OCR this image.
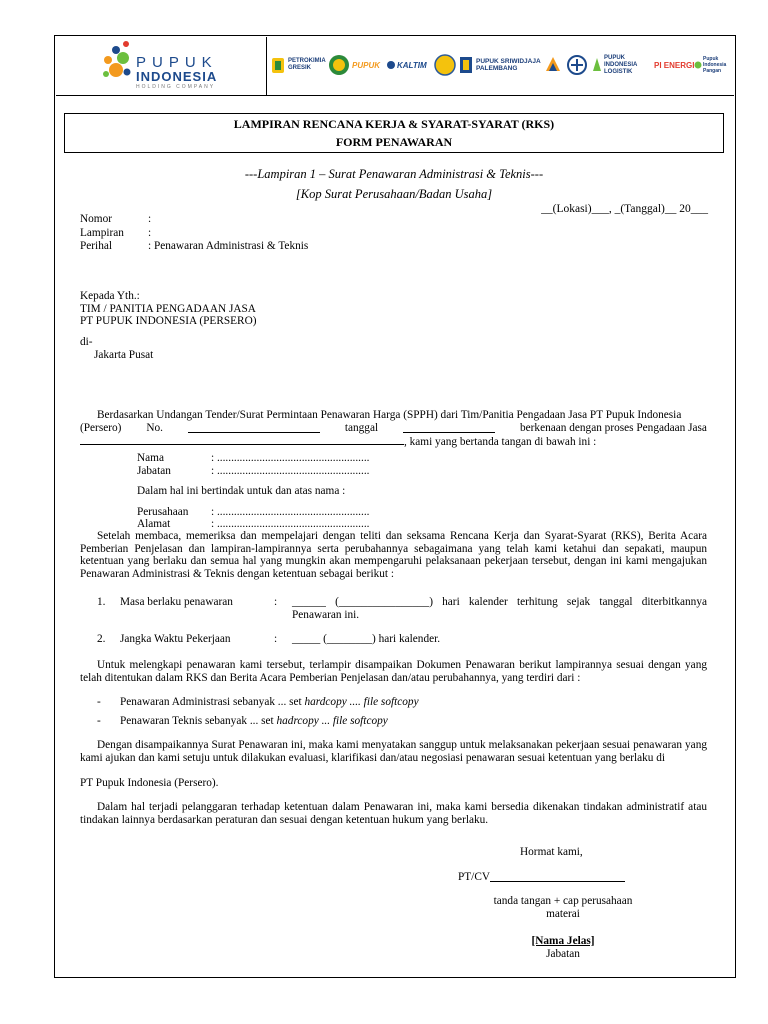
PUPUK
INDONESIA
HOLDING COMPANY
PETROKIMIA GRESIK	PUPUK KALTIM	PUPUK SRIWIDJAJA PALEMBANG
PUPUK INDONESIA LOGISTIK
PI ENERGI
Pupuk Indonesia Pangan
LAMPIRAN RENCANA KERJA & SYARAT-SYARAT (RKS)
FORM PENAWARAN
---Lampiran 1 – Surat Penawaran Administrasi & Teknis---
[Kop Surat Perusahaan/Badan Usaha]
__(Lokasi)___, _(Tanggal)__ 20___
Nomor	:
Lampiran :
Perihal	: Penawaran Administrasi & Teknis
Kepada Yth.:
TIM / PANITIA PENGADAAN JASA
PT PUPUK INDONESIA (PERSERO)
di-
Jakarta Pusat
Berdasarkan Undangan Tender/Surat Permintaan Penawaran Harga (SPPH) dari Tim/Panitia Pengadaan Jasa PT Pupuk Indonesia
(Persero) No.	tanggal	berkenaan dengan proses Pengadaan Jasa
, kami yang bertanda tangan di bawah ini :
Nama	: ......................................................
Jabatan	: ......................................................
Dalam hal ini bertindak untuk dan atas nama :
Perusahaan : ......................................................
Alamat	: ......................................................
Setelah membaca, memeriksa dan mempelajari dengan teliti dan seksama Rencana Kerja dan Syarat-Syarat (RKS), Berita Acara Pemberian Penjelasan dan lampiran-lampirannya serta perubahannya sebagaimana yang telah kami ketahui dan sepakati, maupun ketentuan yang berlaku dan semua hal yang mungkin akan mempengaruhi pelaksanaan pekerjaan tersebut, dengan ini kami mengajukan Penawaran Administrasi & Teknis dengan ketentuan sebagai berikut :
1. Masa berlaku penawaran	: ______ (________________) hari kalender terhitung sejak tanggal diterbitkannya Penawaran ini.
2. Jangka Waktu Pekerjaan	: _____ (________) hari kalender.
Untuk melengkapi penawaran kami tersebut, terlampir disampaikan Dokumen Penawaran berikut lampirannya sesuai dengan yang telah ditentukan dalam RKS dan Berita Acara Pemberian Penjelasan dan/atau perubahannya, yang terdiri dari :
- Penawaran Administrasi sebanyak ... set hardcopy .... file softcopy
- Penawaran Teknis sebanyak ... set hadrcopy ... file softcopy
Dengan disampaikannya Surat Penawaran ini, maka kami menyatakan sanggup untuk melaksanakan pekerjaan sesuai penawaran yang kami ajukan dan kami setuju untuk dilakukan evaluasi, klarifikasi dan/atau negosiasi penawaran sesuai ketentuan yang berlaku di
PT Pupuk Indonesia (Persero).
Dalam hal terjadi pelanggaran terhadap ketentuan dalam Penawaran ini, maka kami bersedia dikenakan tindakan administratif atau tindakan lainnya berdasarkan peraturan dan sesuai dengan ketentuan hukum yang berlaku.
Hormat kami,
PT/CV
tanda tangan + cap perusahaan
materai
[Nama Jelas]
Jabatan
